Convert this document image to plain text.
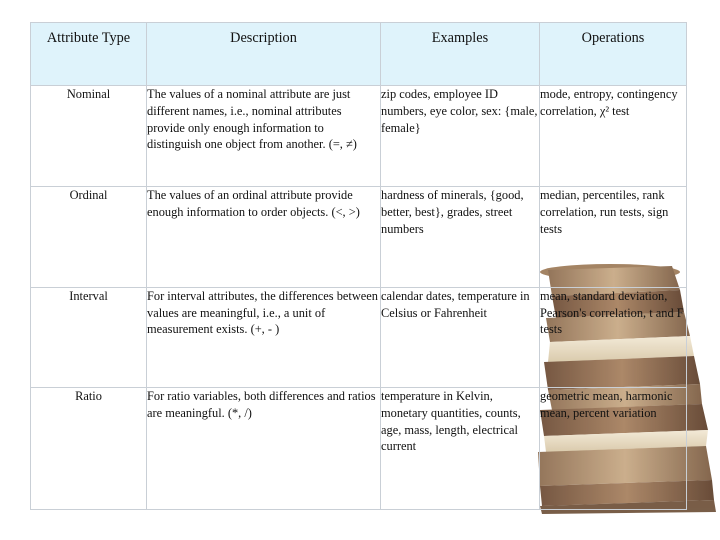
Attribute Type	Description	Examples	Operations

Nominal	The values of a nominal attribute are just different names, i.e., nominal attributes provide only enough information to distinguish one object from another. (=, ≠)	zip codes, employee ID numbers, eye color, sex: {male, female}	mode, entropy, contingency correlation, χ² test

Ordinal	The values of an ordinal attribute provide enough information to order objects. (<, >)	hardness of minerals, {good, better, best}, grades, street numbers	median, percentiles, rank correlation, run tests, sign tests

Interval	For interval attributes, the differences between values are meaningful, i.e., a unit of measurement exists. (+, - )	calendar dates, temperature in Celsius or Fahrenheit	mean, standard deviation, Pearson's correlation, t and F tests

Ratio	For ratio variables, both differences and ratios are meaningful. (*, /)	temperature in Kelvin, monetary quantities, counts, age, mass, length, electrical current	geometric mean, harmonic mean, percent variation
